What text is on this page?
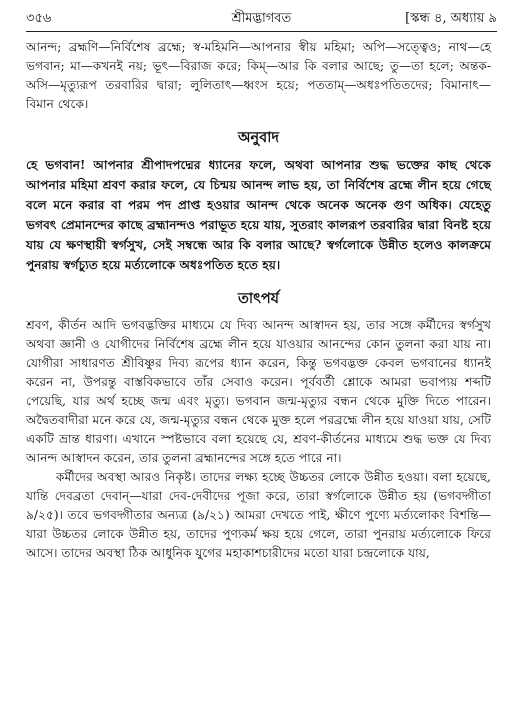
৩৫৬	শ্রীমদ্ভাগবত	[স্কন্ধ ৪, অধ্যায় ৯

আনন্দ; ব্রহ্মণি—নির্বিশেষ ব্রহ্মে; স্ব-মহিমনি—আপনার স্বীয় মহিমা; অপি—সত্ত্বেও; নাথ—হে ভগবান; মা—কখনই নয়; ভূৎ—বিরাজ করে; কিম্—আর কি বলার আছে; তু—তা হলে; অন্তক-অসি—মৃত্যুরূপ তরবারির দ্বারা; লুলিতাৎ—ধ্বংস হয়ে; পততাম্—অধঃপতিতদের; বিমানাৎ—বিমান থেকে।

অনুবাদ

হে ভগবান! আপনার শ্রীপাদপদ্মের ধ্যানের ফলে, অথবা আপনার শুদ্ধ ভক্তের কাছ থেকে আপনার মহিমা শ্রবণ করার ফলে, যে চিন্ময় আনন্দ লাভ হয়, তা নির্বিশেষ ব্রহ্মে লীন হয়ে গেছে বলে মনে করার বা পরম পদ প্রাপ্ত হওয়ার আনন্দ থেকে অনেক অনেক গুণ অধিক। যেহেতু ভগবৎ প্রেমানন্দের কাছে ব্রহ্মানন্দও পরাভূত হয়ে যায়, সুতরাং কালরূপ তরবারির দ্বারা বিনষ্ট হয়ে যায় যে ক্ষণস্থায়ী স্বর্গসুখ, সেই সম্বন্ধে আর কি বলার আছে? স্বর্গলোকে উন্নীত হলেও কালক্রমে পুনরায় স্বর্গচ্যুত হয়ে মর্ত্যলোকে অধঃপতিত হতে হয়।

তাৎপর্য

শ্রবণ, কীর্তন আদি ভগবদ্ভক্তির মাধ্যমে যে দিব্য আনন্দ আস্বাদন হয়, তার সঙ্গে কর্মীদের স্বর্গসুখ অথবা জ্ঞানী ও যোগীদের নির্বিশেষ ব্রহ্মে লীন হয়ে যাওয়ার আনন্দের কোন তুলনা করা যায় না। যোগীরা সাধারণত শ্রীবিষ্ণুর দিব্য রূপের ধ্যান করেন, কিন্তু ভগবদ্ভক্ত কেবল ভগবানের ধ্যানই করেন না, উপরন্তু বাস্তবিকভাবে তাঁর সেবাও করেন। পূর্ববর্তী শ্লোকে আমরা ভবাপ্যয় শব্দটি পেয়েছি, যার অর্থ হচ্ছে জন্ম এবং মৃত্যু। ভগবান জন্ম-মৃত্যুর বন্ধন থেকে মুক্তি দিতে পারেন। অদ্বৈতবাদীরা মনে করে যে, জন্ম-মৃত্যুর বন্ধন থেকে মুক্ত হলে পরব্রহ্মে লীন হয়ে যাওয়া যায়, সেটি একটি ভ্রান্ত ধারণা। এখানে স্পষ্টভাবে বলা হয়েছে যে, শ্রবণ-কীর্তনের মাধ্যমে শুদ্ধ ভক্ত যে দিব্য আনন্দ আস্বাদন করেন, তার তুলনা ব্রহ্মানন্দের সঙ্গে হতে পারে না।

কর্মীদের অবস্থা আরও নিকৃষ্ট। তাদের লক্ষ্য হচ্ছে উচ্চতর লোকে উন্নীত হওয়া। বলা হয়েছে, যান্তি দেবব্রতা দেবান্—যারা দেব-দেবীদের পূজা করে, তারা স্বর্গলোকে উন্নীত হয় (ভগবদ্গীতা ৯/২৫)। তবে ভগবদ্গীতার অন্যত্র (৯/২১) আমরা দেখতে পাই, ক্ষীণে পুণ্যে মর্ত্যলোকং বিশন্তি—যারা উচ্চতর লোকে উন্নীত হয়, তাদের পুণ্যকর্ম ক্ষয় হয়ে গেলে, তারা পুনরায় মর্ত্যলোকে ফিরে আসে। তাদের অবস্থা ঠিক আধুনিক যুগের মহাকাশচারীদের মতো যারা চন্দ্রলোকে যায়,
